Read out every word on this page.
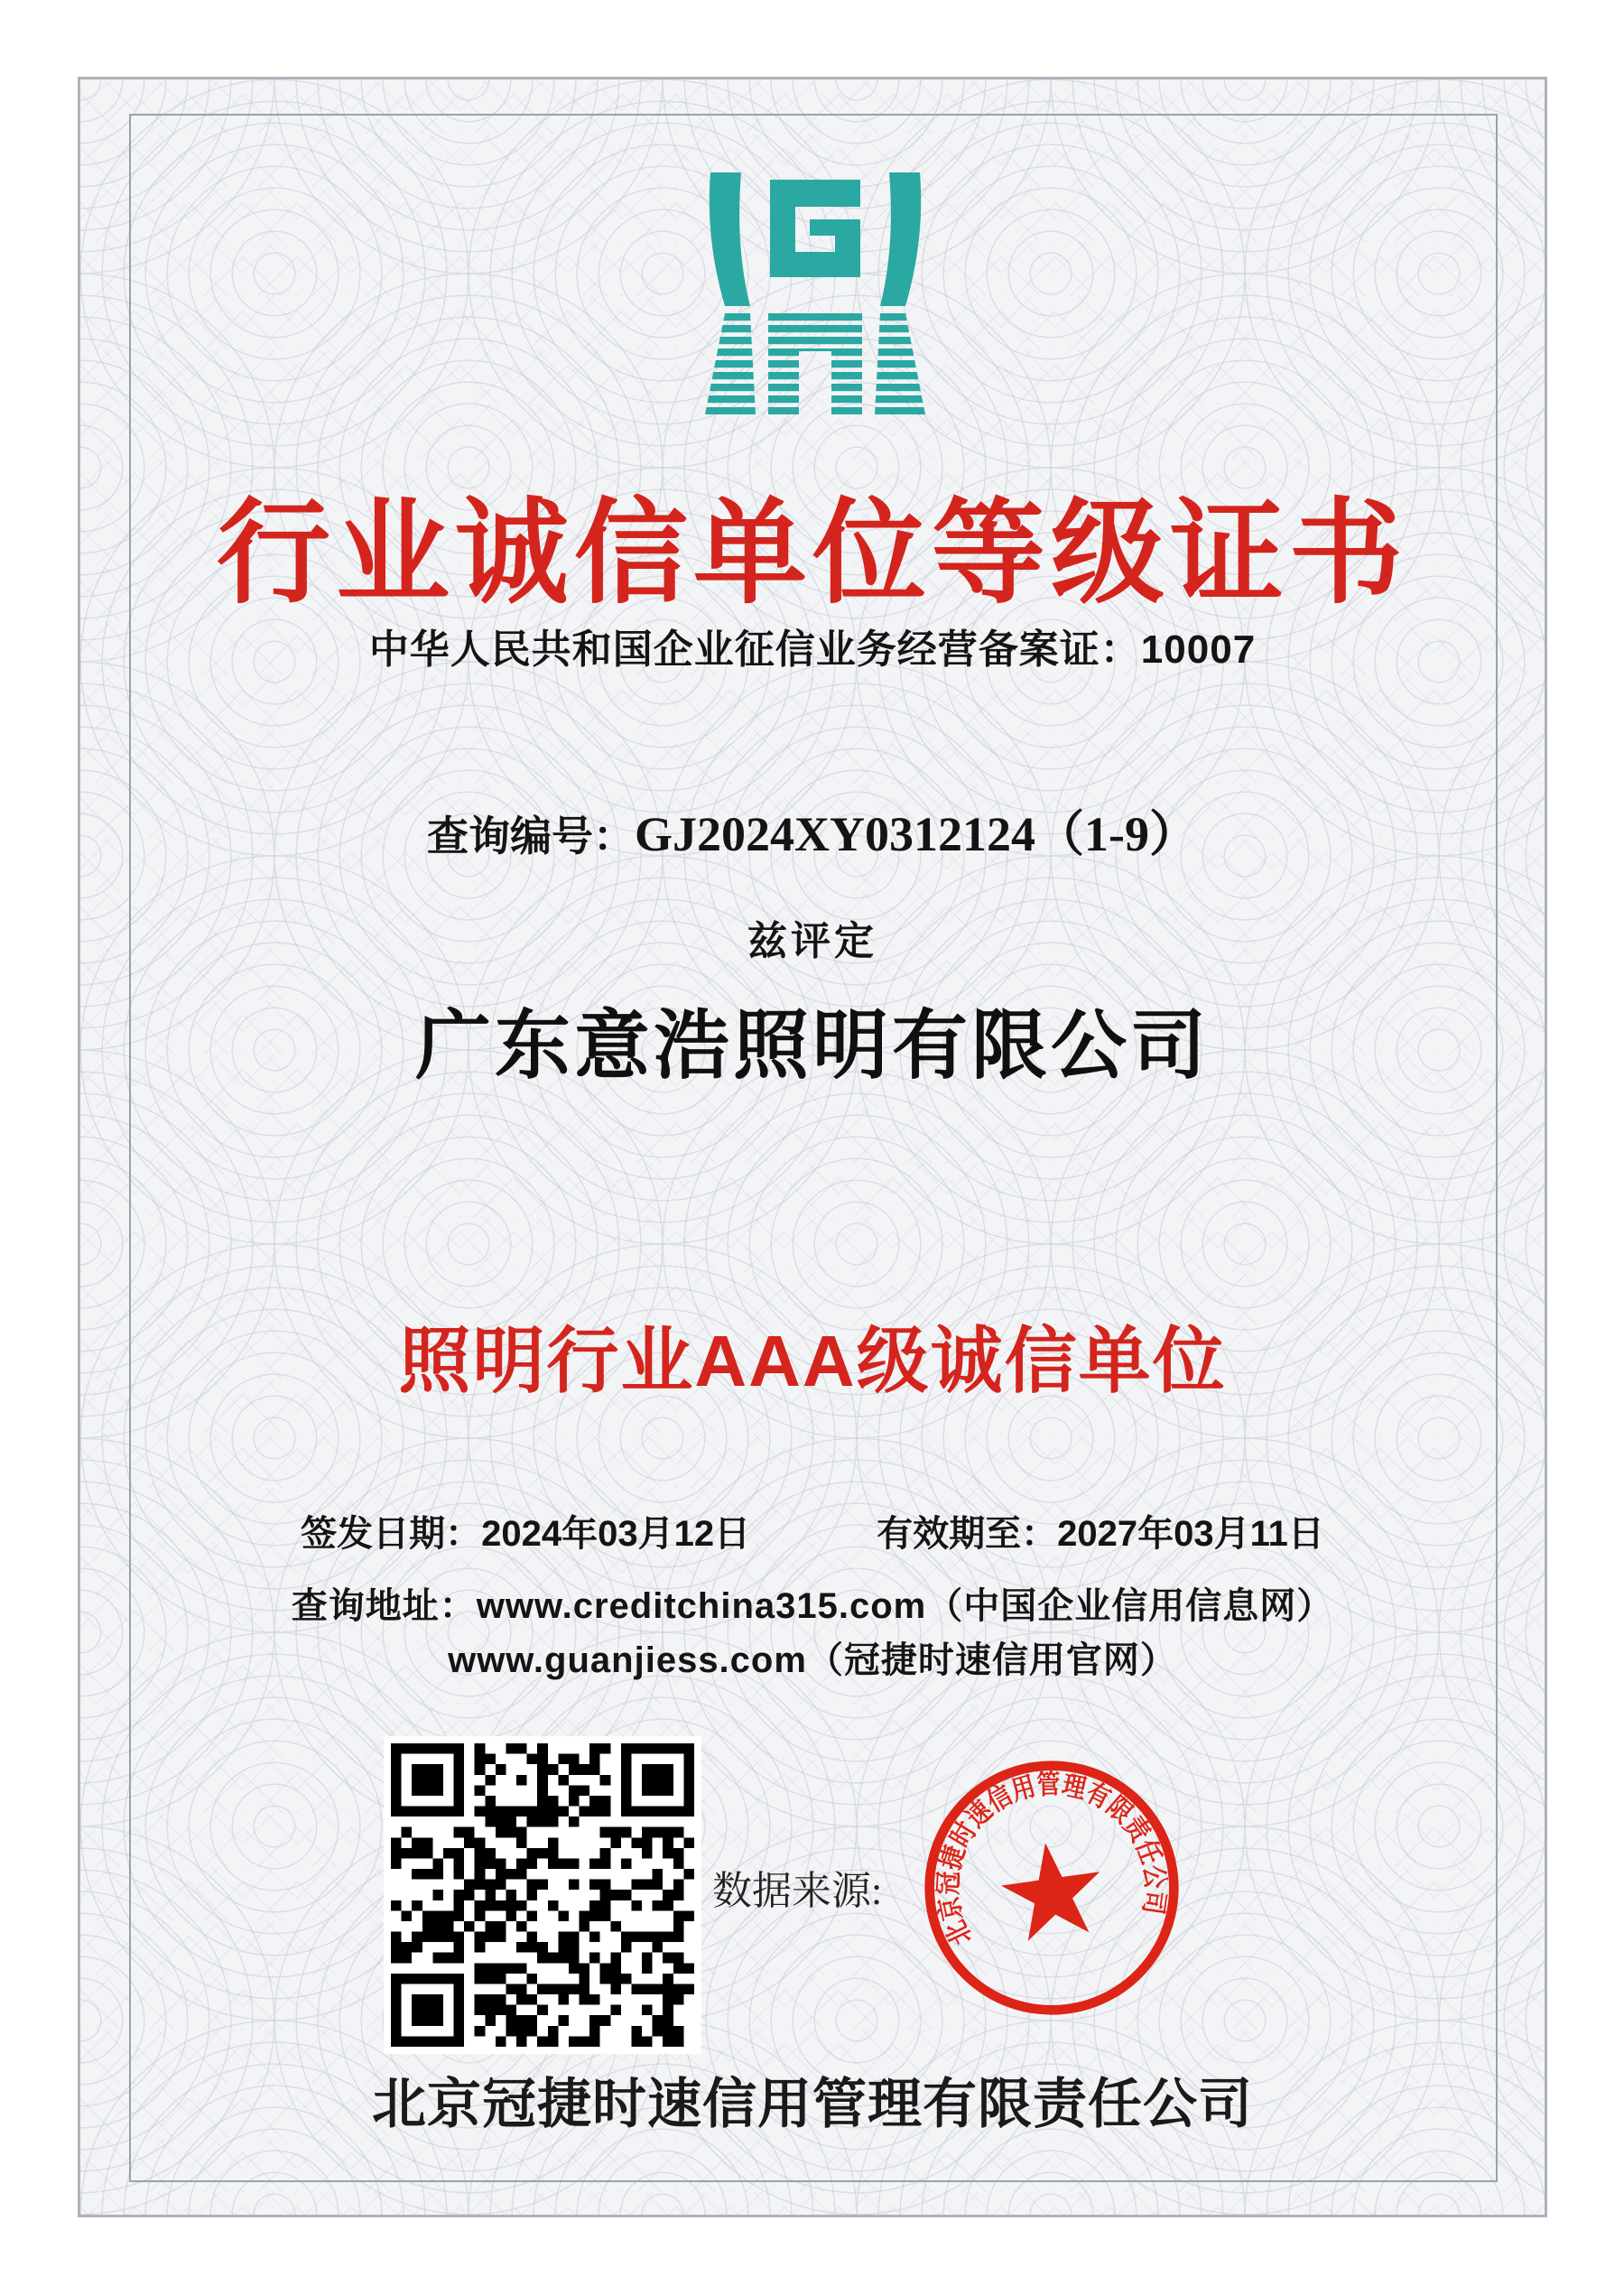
行业诚信单位等级证书
中华人民共和国企业征信业务经营备案证：10007
查询编号：GJ2024XY0312124（1-9）
兹评定
广东意浩照明有限公司
照明行业AAA级诚信单位
签发日期：2024年03月12日	有效期至：2027年03月11日
查询地址：www.creditchina315.com（中国企业信用信息网）
www.guanjiess.com（冠捷时速信用官网）
数据来源:
北京冠捷时速信用管理有限责任公司
北京冠捷时速信用管理有限责任公司
